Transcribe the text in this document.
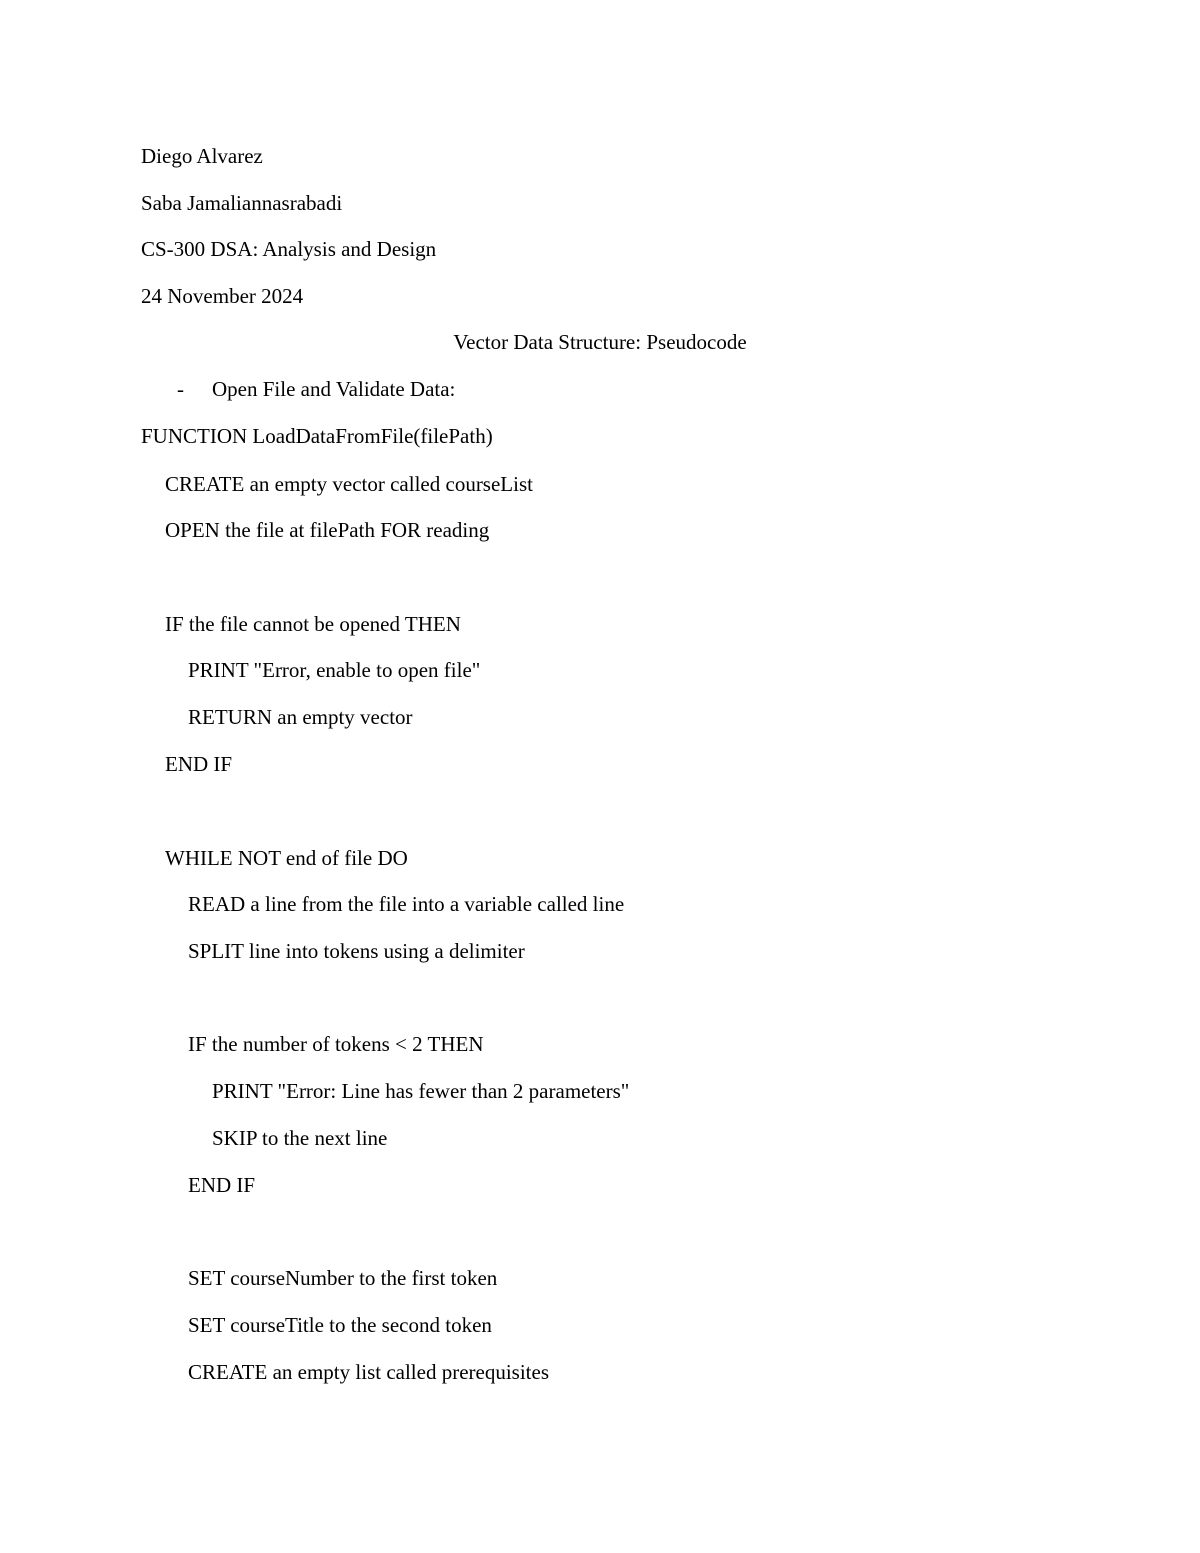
Diego Alvarez
Saba Jamaliannasrabadi
CS-300 DSA: Analysis and Design
24 November 2024
Vector Data Structure: Pseudocode
- Open File and Validate Data:
FUNCTION LoadDataFromFile(filePath)
CREATE an empty vector called courseList
OPEN the file at filePath FOR reading
IF the file cannot be opened THEN
PRINT "Error, enable to open file"
RETURN an empty vector
END IF
WHILE NOT end of file DO
READ a line from the file into a variable called line
SPLIT line into tokens using a delimiter
IF the number of tokens < 2 THEN
PRINT "Error: Line has fewer than 2 parameters"
SKIP to the next line
END IF
SET courseNumber to the first token
SET courseTitle to the second token
CREATE an empty list called prerequisites
